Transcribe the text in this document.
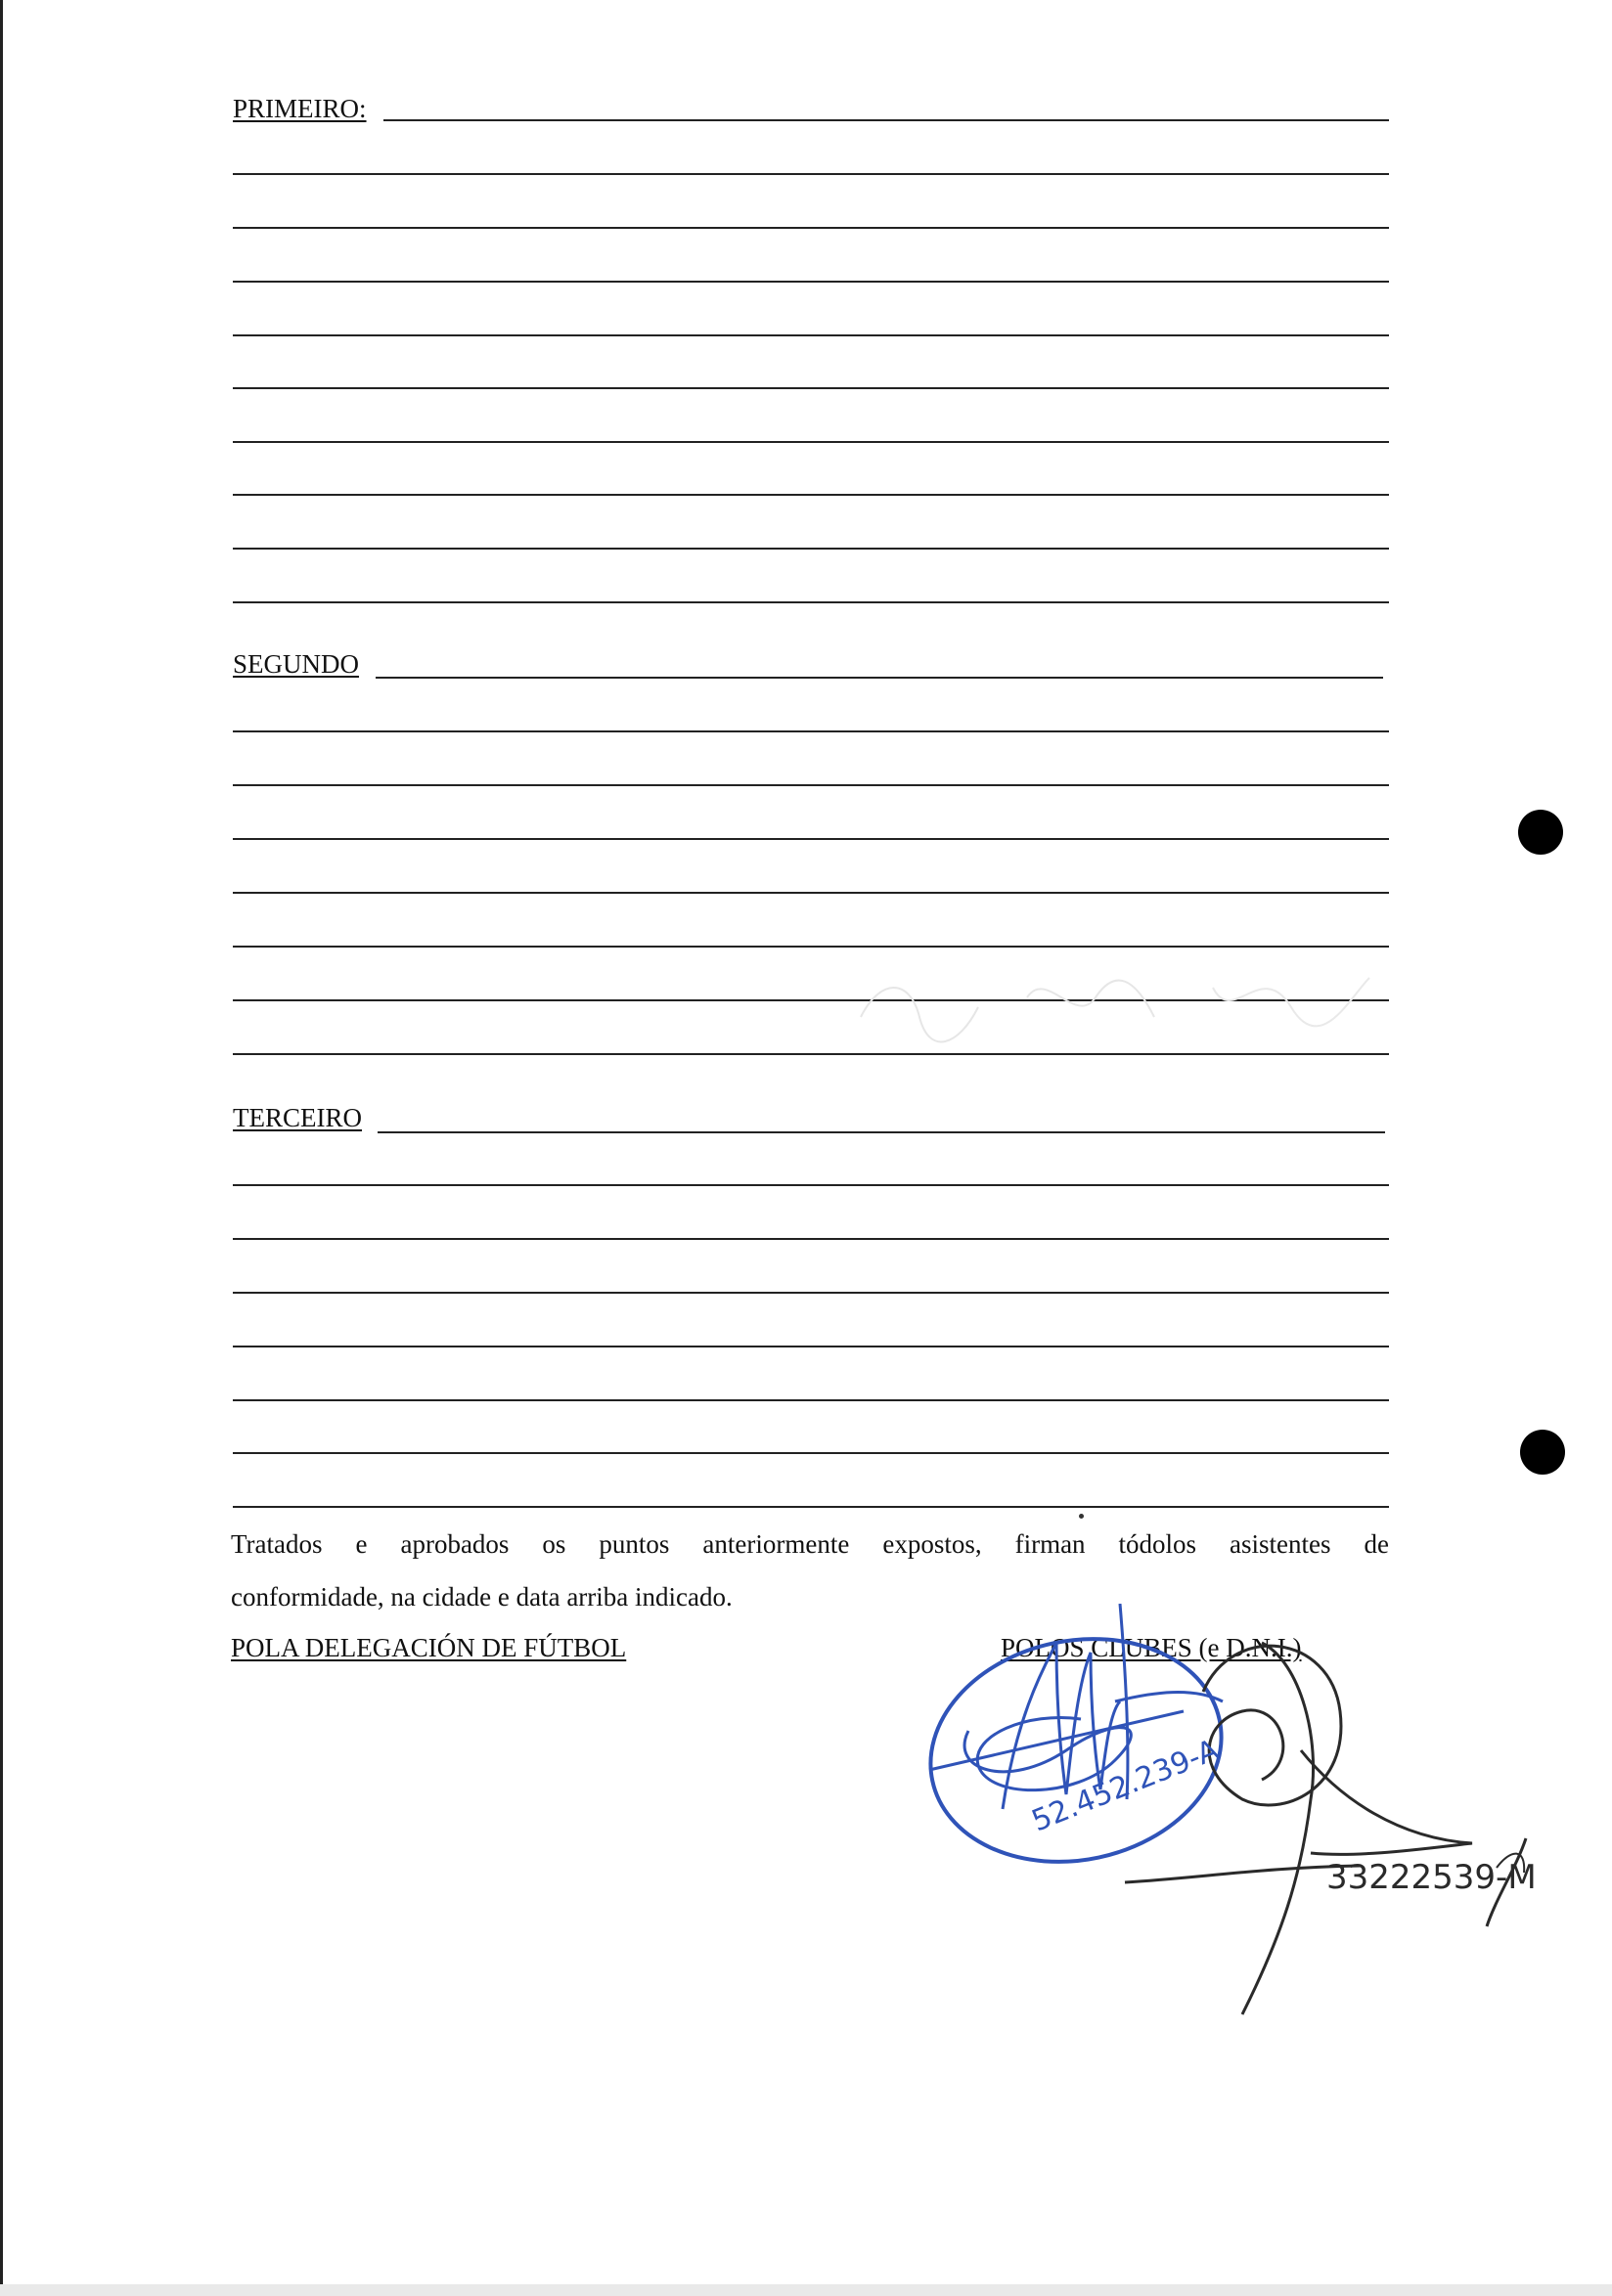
PRIMEIRO:
SEGUNDO
TERCEIRO
Tratados e aprobados os puntos anteriormente expostos, firman tódolos asistentes de
conformidade, na cidade e data arriba indicado.
POLA DELEGACIÓN DE FÚTBOL	POLOS CLUBES (e D.N.I.)
52.452.239-A
33222539-M
